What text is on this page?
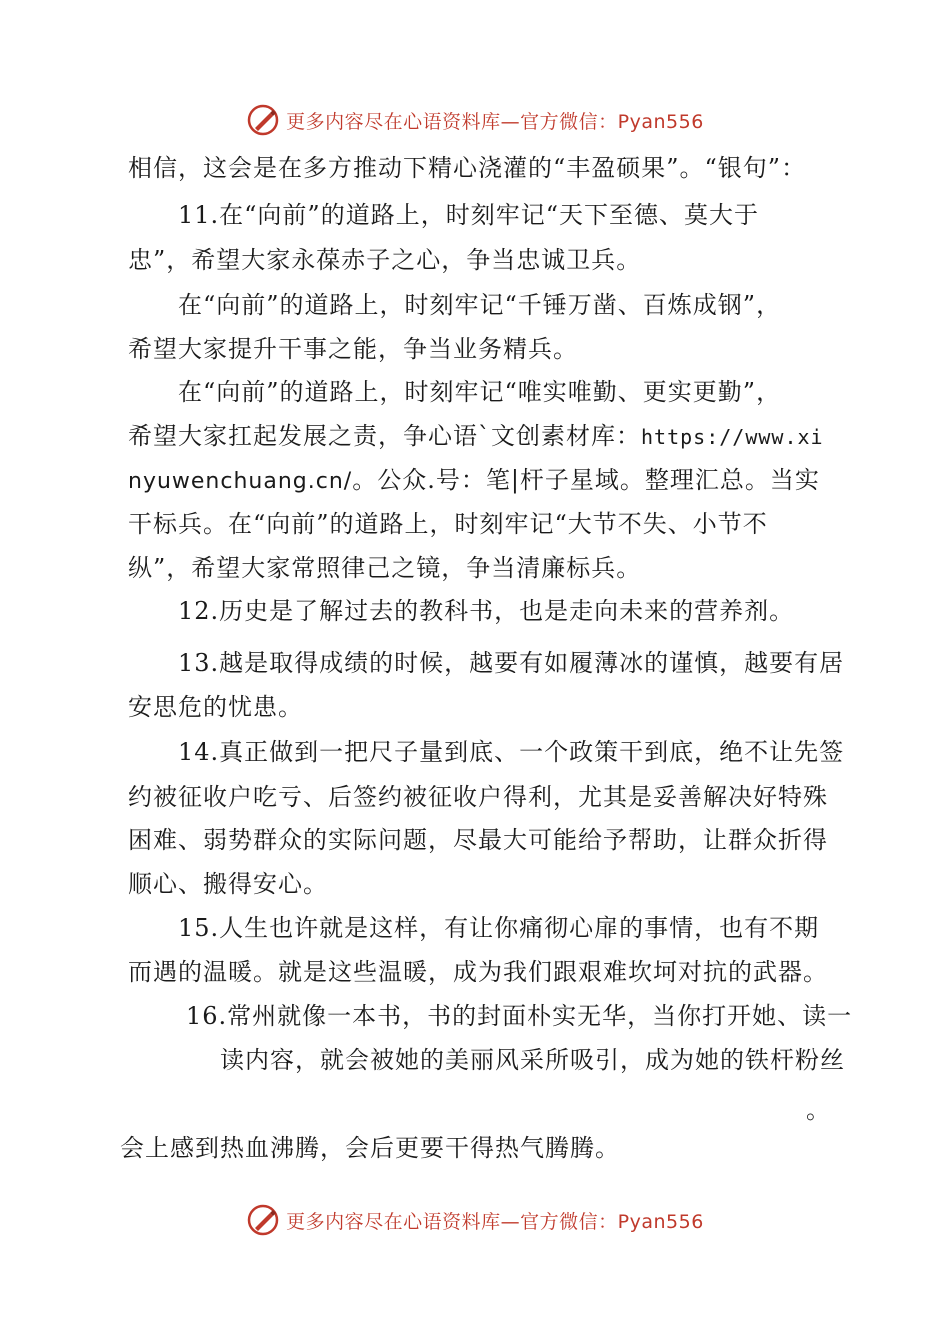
更多内容尽在心语资料库—官方微信：Pyan556
相信，这会是在多方推动下精心浇灌的“丰盈硕果”。“银句”：
11.在“向前”的道路上，时刻牢记“天下至德、莫大于
忠”，希望大家永葆赤子之心，争当忠诚卫兵。
在“向前”的道路上，时刻牢记“千锤万凿、百炼成钢”，
希望大家提升干事之能，争当业务精兵。
在“向前”的道路上，时刻牢记“唯实唯勤、更实更勤”，
希望大家扛起发展之责，争心语`文创素材库：https://www.xi
nyuwenchuang.cn/。公众.号：笔|杆子星域。整理汇总。当实
干标兵。在“向前”的道路上，时刻牢记“大节不失、小节不
纵”，希望大家常照律己之镜，争当清廉标兵。
12.历史是了解过去的教科书，也是走向未来的营养剂。
13.越是取得成绩的时候，越要有如履薄冰的谨慎，越要有居
安思危的忧患。
14.真正做到一把尺子量到底、一个政策干到底，绝不让先签
约被征收户吃亏、后签约被征收户得利，尤其是妥善解决好特殊
困难、弱势群众的实际问题，尽最大可能给予帮助，让群众折得
顺心、搬得安心。
15.人生也许就是这样，有让你痛彻心扉的事情，也有不期
而遇的温暖。就是这些温暖，成为我们跟艰难坎坷对抗的武器。
16.常州就像一本书，书的封面朴实无华，当你打开她、读一
读内容，就会被她的美丽风采所吸引，成为她的铁杆粉丝
。
会上感到热血沸腾，会后更要干得热气腾腾。
更多内容尽在心语资料库—官方微信：Pyan556
